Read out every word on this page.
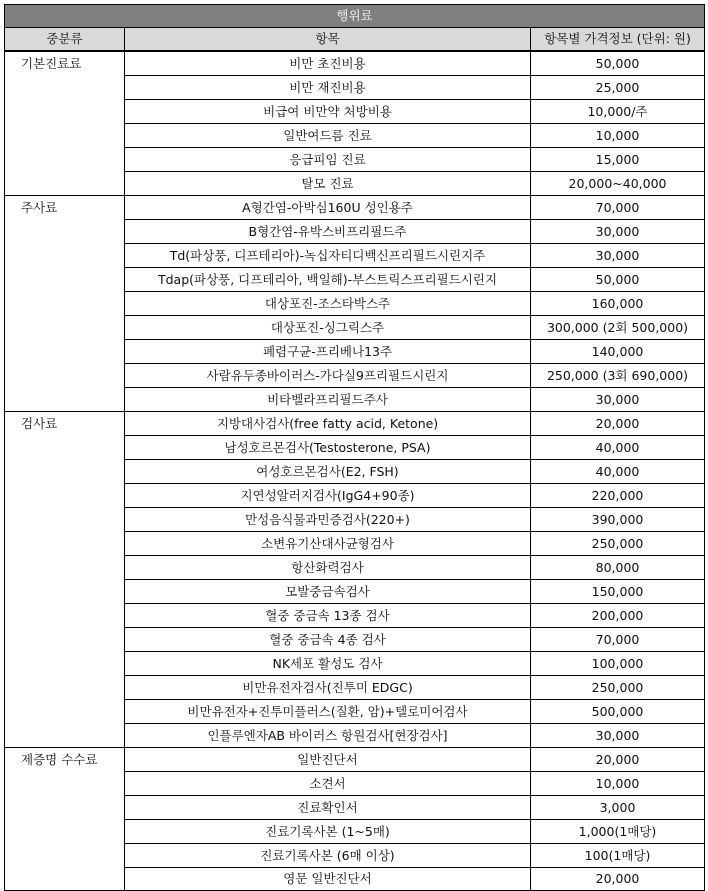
행위료		
중분류	항목	항목별 가격정보 (단위: 원)
기본진료료	비만 초진비용	50,000
	비만 재진비용	25,000
	비급여 비만약 처방비용	10,000/주
	일반여드름 진료	10,000
	응급피임 진료	15,000
	탈모 진료	20,000~40,000
주사료	A형간염-아박심160U 성인용주	70,000
	B형간염-유박스비프리필드주	30,000
	Td(파상풍, 디프테리아)-녹십자티디백신프리필드시린지주	30,000
	Tdap(파상풍, 디프테리아, 백일해)-부스트릭스프리필드시린지	50,000
	대상포진-조스타박스주	160,000
	대상포진-싱그릭스주	300,000 (2회 500,000)
	폐렴구균-프리베나13주	140,000
	사람유두종바이러스-가다실9프리필드시린지	250,000 (3회 690,000)
	비타벨라프리필드주사	30,000
검사료	지방대사검사(free fatty acid, Ketone)	20,000
	남성호르몬검사(Testosterone, PSA)	40,000
	여성호르몬검사(E2, FSH)	40,000
	지연성알러지검사(IgG4+90종)	220,000
	만성음식물과민증검사(220+)	390,000
	소변유기산대사균형검사	250,000
	항산화력검사	80,000
	모발중금속검사	150,000
	혈중 중금속 13종 검사	200,000
	혈중 중금속 4종 검사	70,000
	NK세포 활성도 검사	100,000
	비만유전자검사(진투미 EDGC)	250,000
	비만유전자+진투미플러스(질환, 암)+텔로미어검사	500,000
	인플루엔자AB 바이러스 항원검사[현장검사]	30,000
제증명 수수료	일반진단서	20,000
	소견서	10,000
	진료확인서	3,000
	진료기록사본 (1~5매)	1,000(1매당)
	진료기록사본 (6매 이상)	100(1매당)
	영문 일반진단서	20,000
